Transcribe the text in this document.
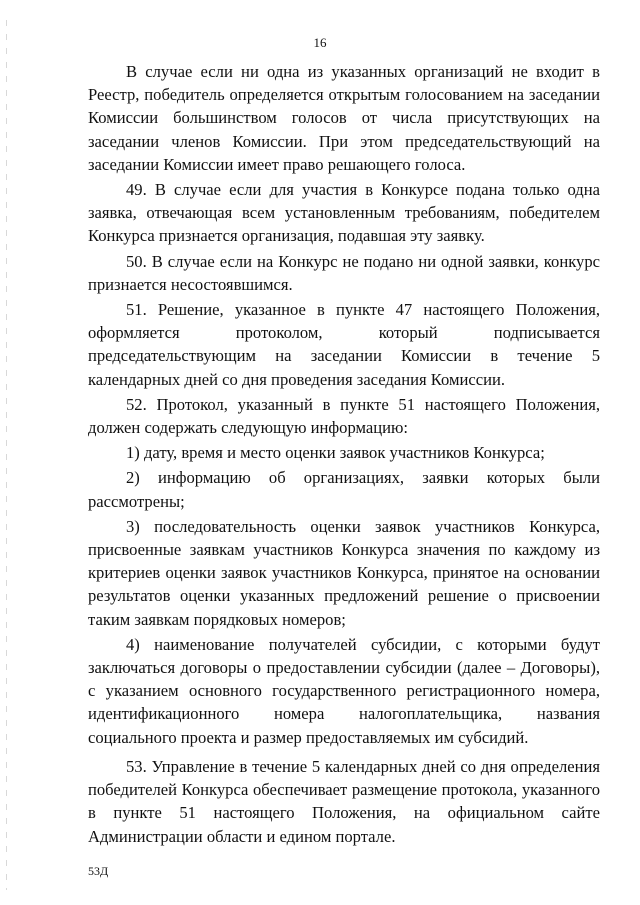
16

В случае если ни одна из указанных организаций не входит в Реестр, победитель определяется открытым голосованием на заседании Комиссии большинством голосов от числа присутствующих на заседании членов Комиссии. При этом председательствующий на заседании Комиссии имеет право решающего голоса.

49. В случае если для участия в Конкурсе подана только одна заявка, отвечающая всем установленным требованиям, победителем Конкурса признается организация, подавшая эту заявку.

50. В случае если на Конкурс не подано ни одной заявки, конкурс признается несостоявшимся.

51. Решение, указанное в пункте 47 настоящего Положения, оформляется протоколом, который подписывается председательствующим на заседании Комиссии в течение 5 календарных дней со дня проведения заседания Комиссии.

52. Протокол, указанный в пункте 51 настоящего Положения, должен содержать следующую информацию:

1) дату, время и место оценки заявок участников Конкурса;

2) информацию об организациях, заявки которых были рассмотрены;

3) последовательность оценки заявок участников Конкурса, присвоенные заявкам участников Конкурса значения по каждому из критериев оценки заявок участников Конкурса, принятое на основании результатов оценки указанных предложений решение о присвоении таким заявкам порядковых номеров;

4) наименование получателей субсидии, с которыми будут заключаться договоры о предоставлении субсидии (далее – Договоры), с указанием основного государственного регистрационного номера, идентификационного номера налогоплательщика, названия социального проекта и размер предоставляемых им субсидий.

53. Управление в течение 5 календарных дней со дня определения победителей Конкурса обеспечивает размещение протокола, указанного в пункте 51 настоящего Положения, на официальном сайте Администрации области и едином портале.

53Д
